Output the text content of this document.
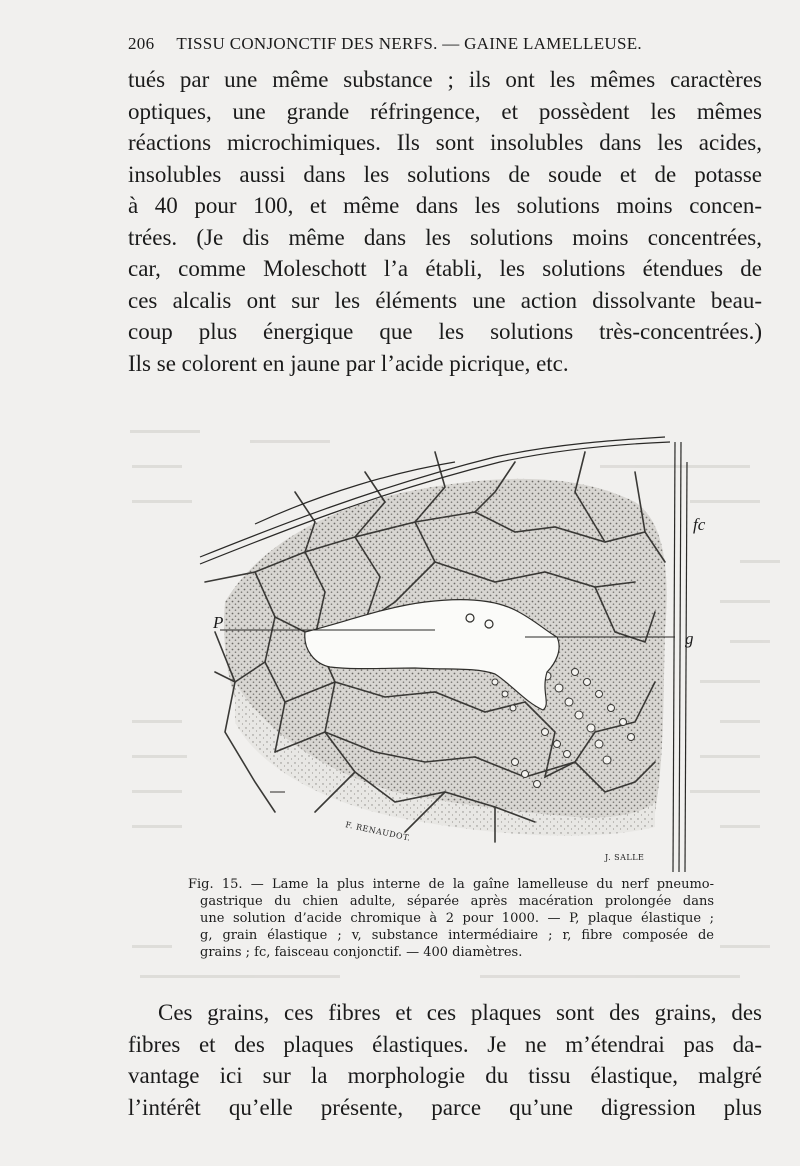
206 TISSU CONJONCTIF DES NERFS. — GAINE LAMELLEUSE.
tués par une même substance ; ils ont les mêmes caractères
optiques, une grande réfringence, et possèdent les mêmes
réactions microchimiques. Ils sont insolubles dans les acides,
insolubles aussi dans les solutions de soude et de potasse
à 40 pour 100, et même dans les solutions moins concen-
trées. (Je dis même dans les solutions moins concentrées,
car, comme Moleschott l’a établi, les solutions étendues de
ces alcalis ont sur les éléments une action dissolvante beau-
coup plus énergique que les solutions très-concentrées.)
Ils se colorent en jaune par l’acide picrique, etc.
P
g
fc
F. RENAUDOT.
J. SALLE
Fig. 15. — Lame la plus interne de la gaîne lamelleuse du nerf pneumo-
gastrique du chien adulte, séparée après macération prolongée dans
une solution d’acide chromique à 2 pour 1000. — P, plaque élastique ;
g, grain élastique ; v, substance intermédiaire ; r, fibre composée de
grains ; fc, faisceau conjonctif. — 400 diamètres.
Ces grains, ces fibres et ces plaques sont des grains, des
fibres et des plaques élastiques. Je ne m’étendrai pas da-
vantage ici sur la morphologie du tissu élastique, malgré
l’intérêt qu’elle présente, parce qu’une digression plus
